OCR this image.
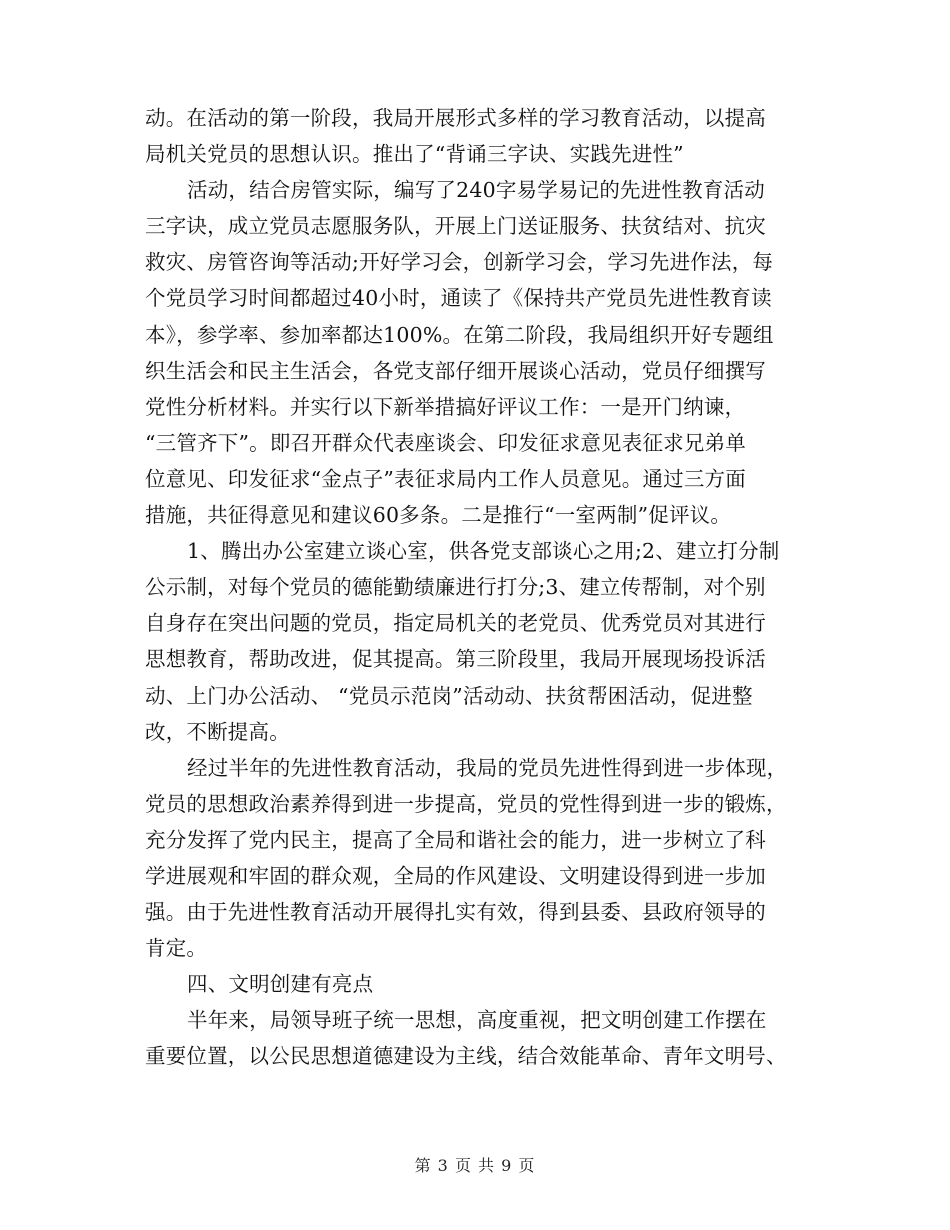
动。在活动的第一阶段，我局开展形式多样的学习教育活动，以提高
局机关党员的思想认识。推出了“背诵三字诀、实践先进性”
活动，结合房管实际，编写了240字易学易记的先进性教育活动
三字诀，成立党员志愿服务队，开展上门送证服务、扶贫结对、抗灾
救灾、房管咨询等活动;开好学习会，创新学习会，学习先进作法，每
个党员学习时间都超过40小时，通读了《保持共产党员先进性教育读
本》，参学率、参加率都达100%。在第二阶段，我局组织开好专题组
织生活会和民主生活会，各党支部仔细开展谈心活动，党员仔细撰写
党性分析材料。并实行以下新举措搞好评议工作：一是开门纳谏，
“三管齐下”。即召开群众代表座谈会、印发征求意见表征求兄弟单
位意见、印发征求“金点子”表征求局内工作人员意见。通过三方面
措施，共征得意见和建议60多条。二是推行“一室两制”促评议。
1、腾出办公室建立谈心室，供各党支部谈心之用;2、建立打分制
公示制，对每个党员的德能勤绩廉进行打分;3、建立传帮制，对个别
自身存在突出问题的党员，指定局机关的老党员、优秀党员对其进行
思想教育，帮助改进，促其提高。第三阶段里，我局开展现场投诉活
动、上门办公活动、 “党员示范岗”活动动、扶贫帮困活动，促进整
改，不断提高。
经过半年的先进性教育活动，我局的党员先进性得到进一步体现，
党员的思想政治素养得到进一步提高，党员的党性得到进一步的锻炼，
充分发挥了党内民主，提高了全局和谐社会的能力，进一步树立了科
学进展观和牢固的群众观，全局的作风建设、文明建设得到进一步加
强。由于先进性教育活动开展得扎实有效，得到县委、县政府领导的
肯定。
四、文明创建有亮点
半年来，局领导班子统一思想，高度重视，把文明创建工作摆在
重要位置，以公民思想道德建设为主线，结合效能革命、青年文明号、
第 3 页 共 9 页
